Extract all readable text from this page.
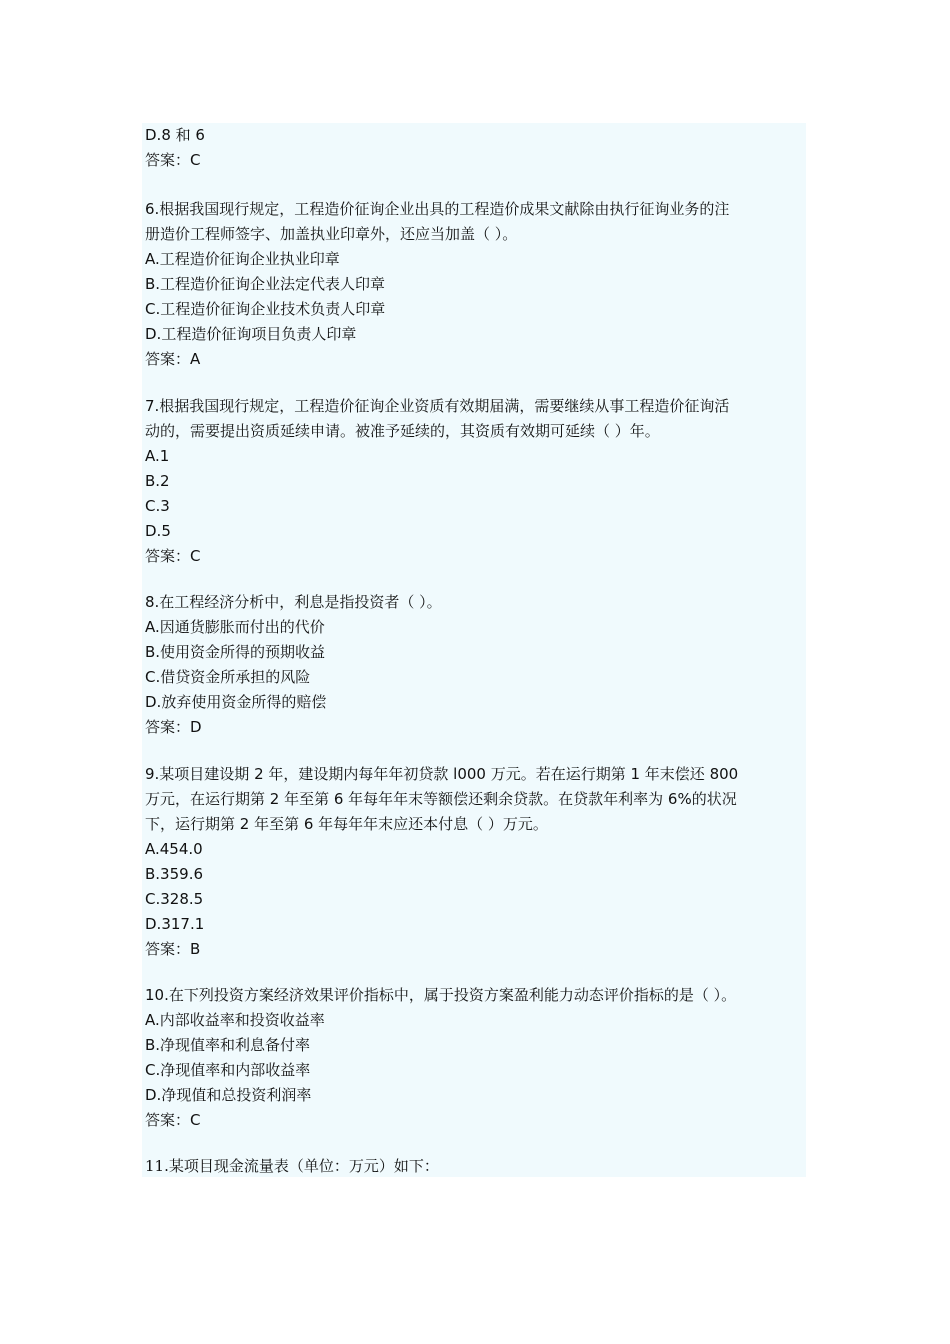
D.8 和 6
答案：C
6.根据我国现行规定，工程造价征询企业出具的工程造价成果文献除由执行征询业务的注
册造价工程师签字、加盖执业印章外，还应当加盖（ ）。
A.工程造价征询企业执业印章
B.工程造价征询企业法定代表人印章
C.工程造价征询企业技术负责人印章
D.工程造价征询项目负责人印章
答案：A
7.根据我国现行规定，工程造价征询企业资质有效期届满，需要继续从事工程造价征询活
动的，需要提出资质延续申请。被准予延续的，其资质有效期可延续（ ）年。
A.1
B.2
C.3
D.5
答案：C
8.在工程经济分析中，利息是指投资者（ ）。
A.因通货膨胀而付出的代价
B.使用资金所得的预期收益
C.借贷资金所承担的风险
D.放弃使用资金所得的赔偿
答案：D
9.某项目建设期 2 年，建设期内每年年初贷款 l000 万元。若在运行期第 1 年末偿还 800
万元，在运行期第 2 年至第 6 年每年年末等额偿还剩余贷款。在贷款年利率为 6%的状况
下，运行期第 2 年至第 6 年每年年末应还本付息（ ）万元。
A.454.0
B.359.6
C.328.5
D.317.1
答案：B
10.在下列投资方案经济效果评价指标中，属于投资方案盈利能力动态评价指标的是（ ）。
A.内部收益率和投资收益率
B.净现值率和利息备付率
C.净现值率和内部收益率
D.净现值和总投资利润率
答案：C
11.某项目现金流量表（单位：万元）如下：
